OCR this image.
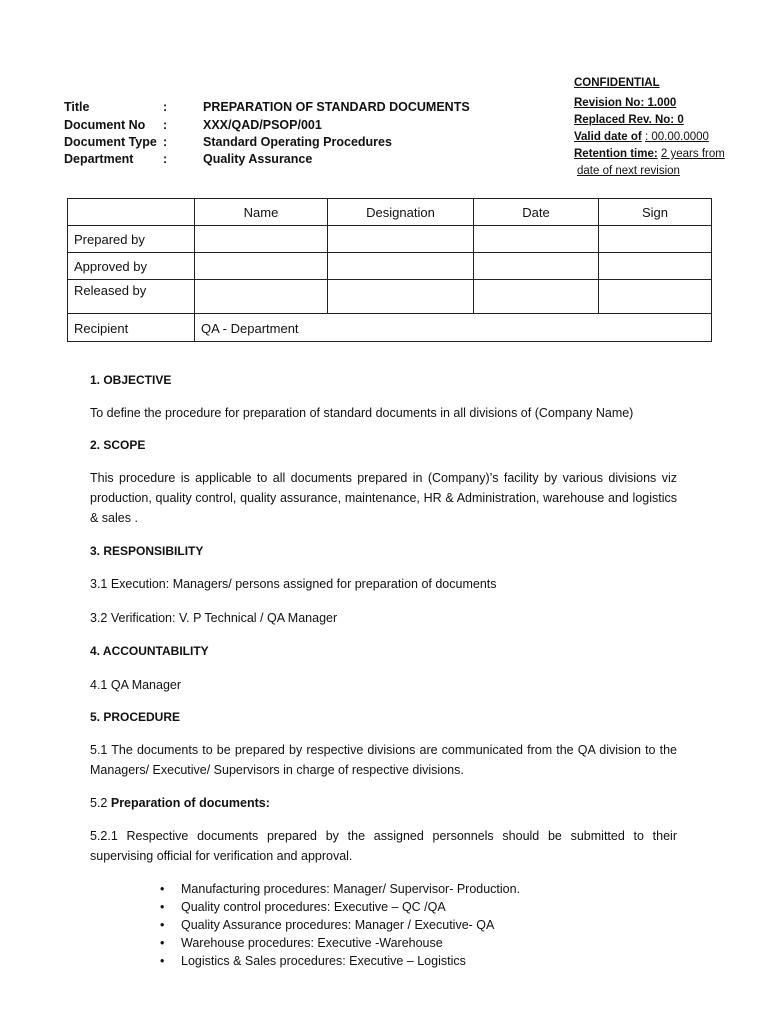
Title	:	PREPARATION OF STANDARD DOCUMENTS
Document No :	XXX/QAD/PSOP/001
Document Type :	Standard Operating Procedures
Department :	Quality Assurance
CONFIDENTIAL
Revision No: 1.000
Replaced Rev. No: 0
Valid date of : 00.00.0000
Retention time: 2 years from
date of next revision
	Name	Designation	Date	Sign
Prepared by				
Approved by				
Released by				
Recipient	QA - Department			
1. OBJECTIVE
To define the procedure for preparation of standard documents in all divisions of (Company Name)
2. SCOPE
This procedure is applicable to all documents prepared in (Company)’s facility by various divisions viz production, quality control, quality assurance, maintenance, HR & Administration, warehouse and logistics & sales .
3. RESPONSIBILITY
3.1 Execution: Managers/ persons assigned for preparation of documents
3.2 Verification: V. P Technical / QA Manager
4. ACCOUNTABILITY
4.1 QA Manager
5. PROCEDURE
5.1 The documents to be prepared by respective divisions are communicated from the QA division to the Managers/ Executive/ Supervisors in charge of respective divisions.
5.2 Preparation of documents:
5.2.1 Respective documents prepared by the assigned personnels should be submitted to their supervising official for verification and approval.
• Manufacturing procedures: Manager/ Supervisor- Production.
• Quality control procedures: Executive – QC /QA
• Quality Assurance procedures: Manager / Executive- QA
• Warehouse procedures: Executive -Warehouse
• Logistics & Sales procedures: Executive – Logistics
